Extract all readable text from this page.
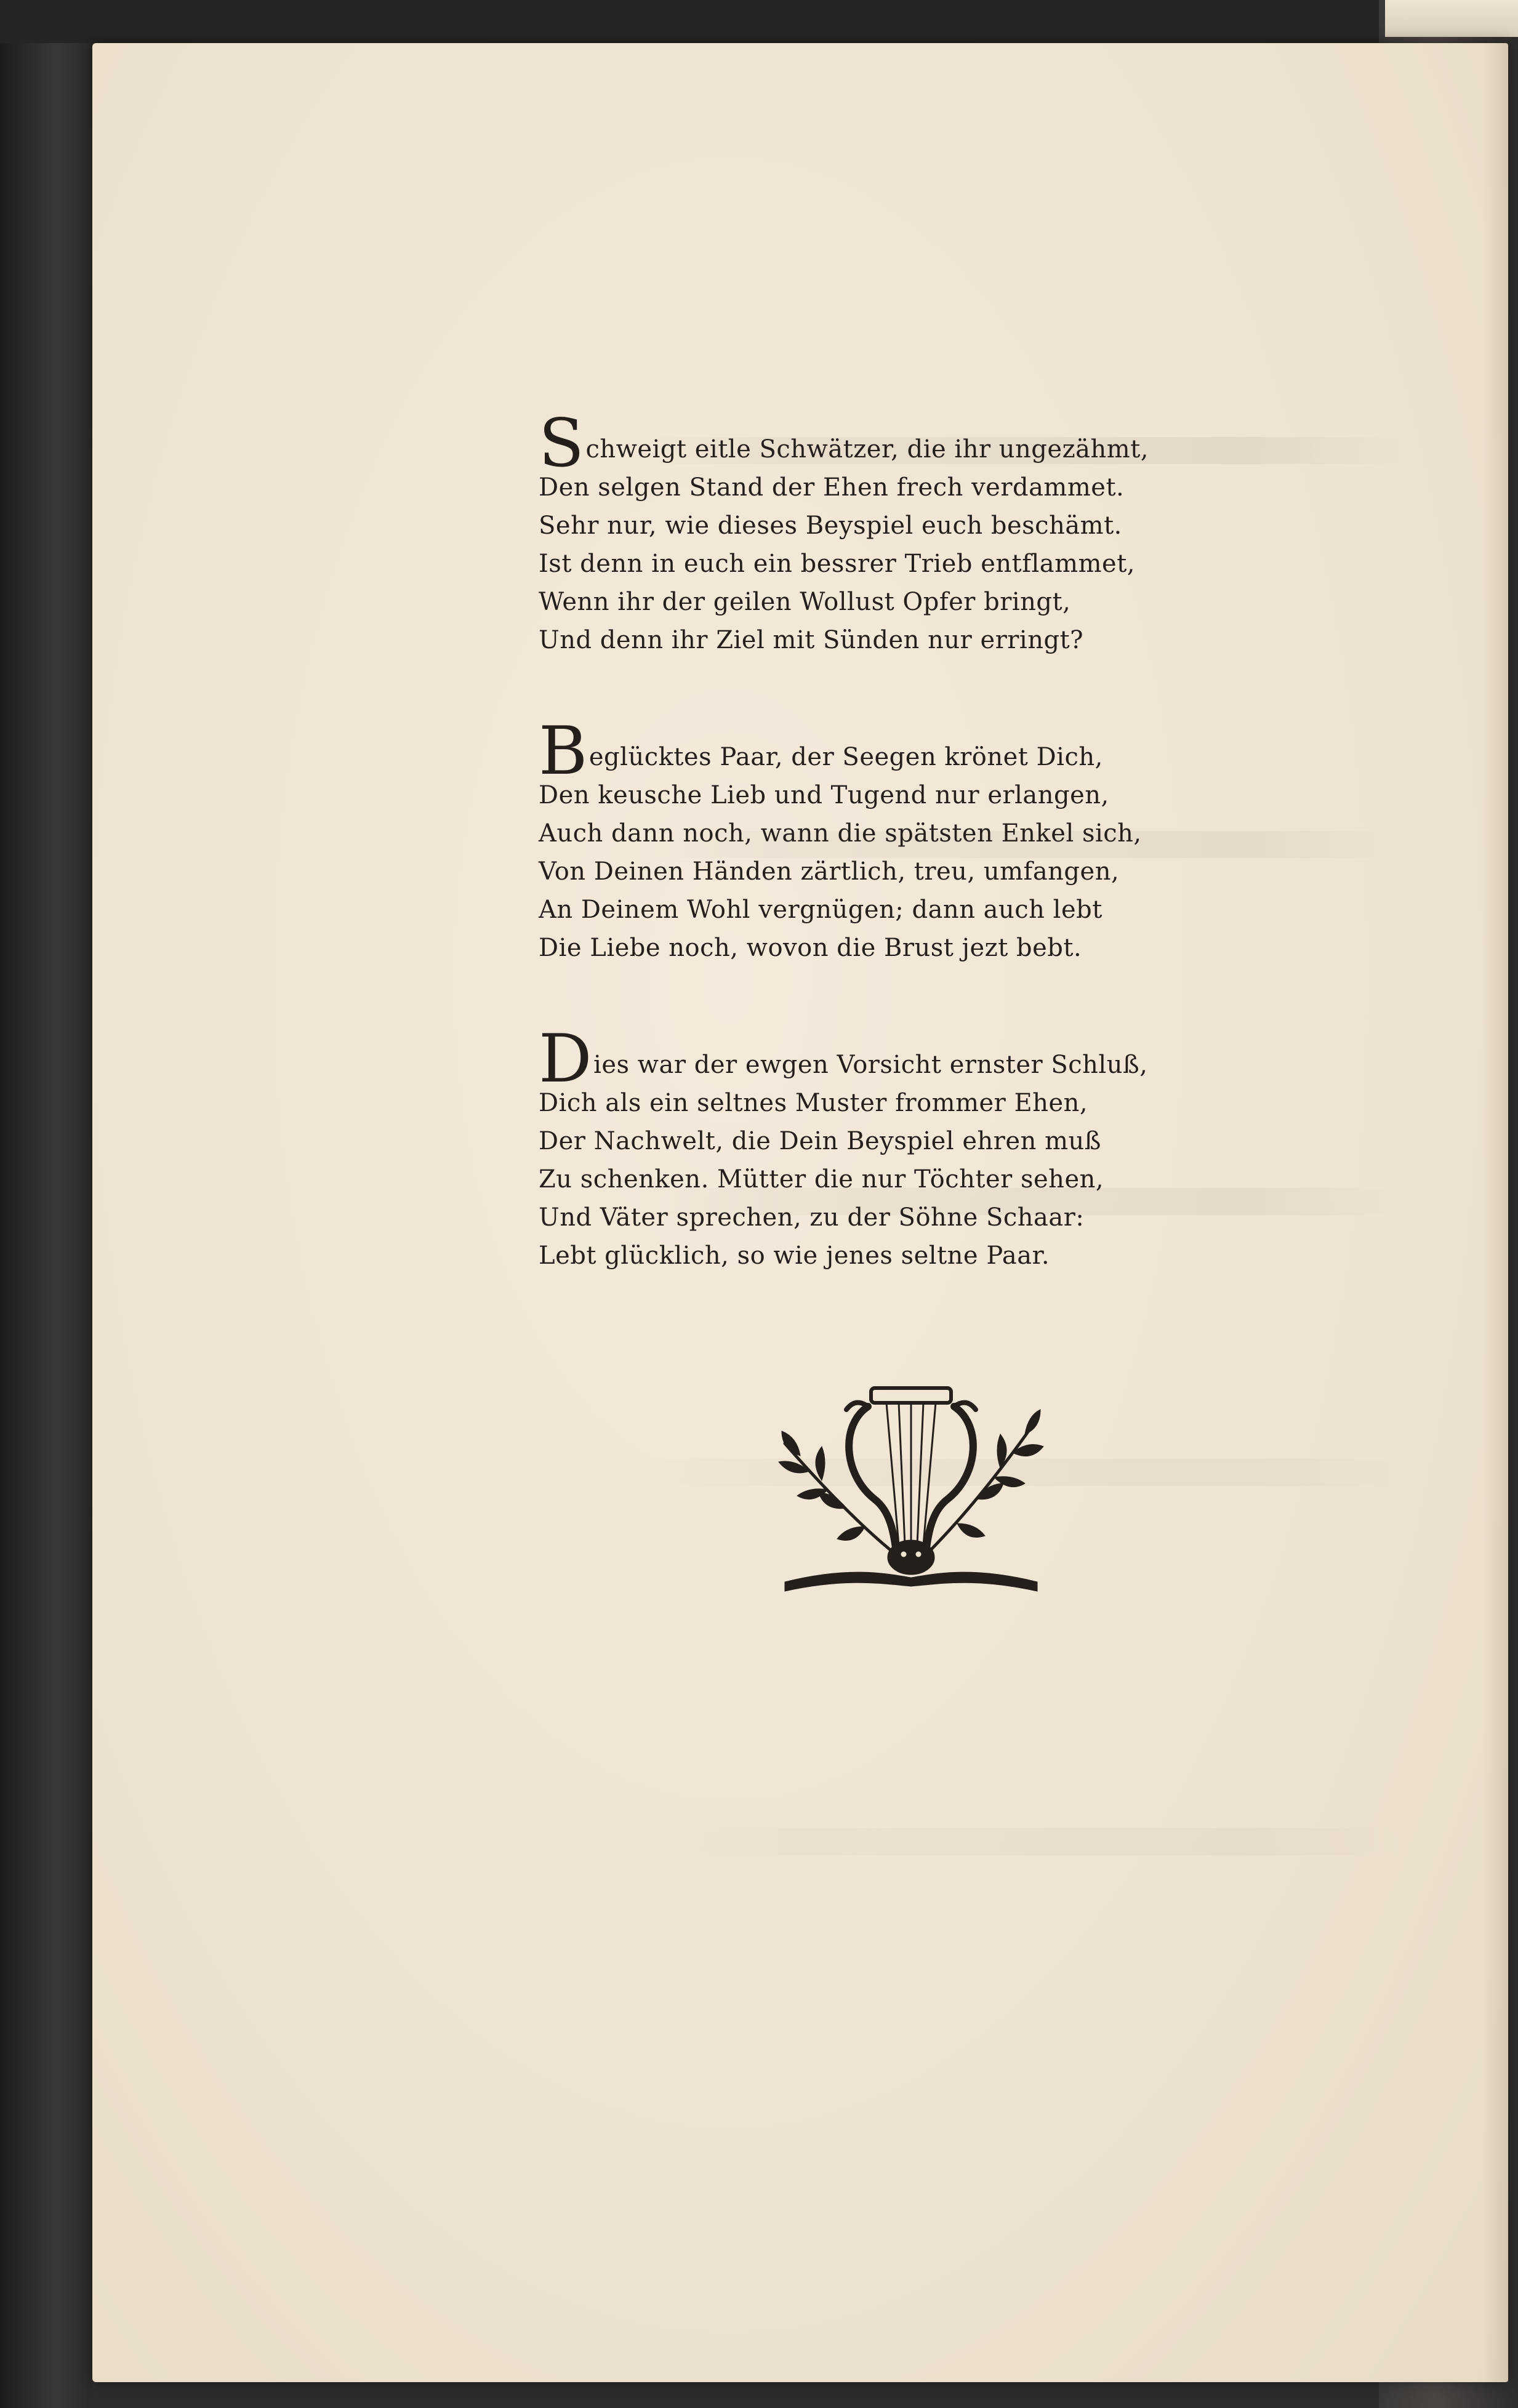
Schweigt eitle Schwätzer, die ihr ungezähmt,
Den selgen Stand der Ehen frech verdammet.
Sehr nur, wie dieses Beyspiel euch beschämt.
Ist denn in euch ein bessrer Trieb entflammet,
Wenn ihr der geilen Wollust Opfer bringt,
Und denn ihr Ziel mit Sünden nur erringt?
Beglücktes Paar, der Seegen krönet Dich,
Den keusche Lieb und Tugend nur erlangen,
Auch dann noch, wann die spätsten Enkel sich,
Von Deinen Händen zärtlich, treu, umfangen,
An Deinem Wohl vergnügen; dann auch lebt
Die Liebe noch, wovon die Brust jezt bebt.
Dies war der ewgen Vorsicht ernster Schluß,
Dich als ein seltnes Muster frommer Ehen,
Der Nachwelt, die Dein Beyspiel ehren muß
Zu schenken. Mütter die nur Töchter sehen,
Und Väter sprechen, zu der Söhne Schaar:
Lebt glücklich, so wie jenes seltne Paar.
